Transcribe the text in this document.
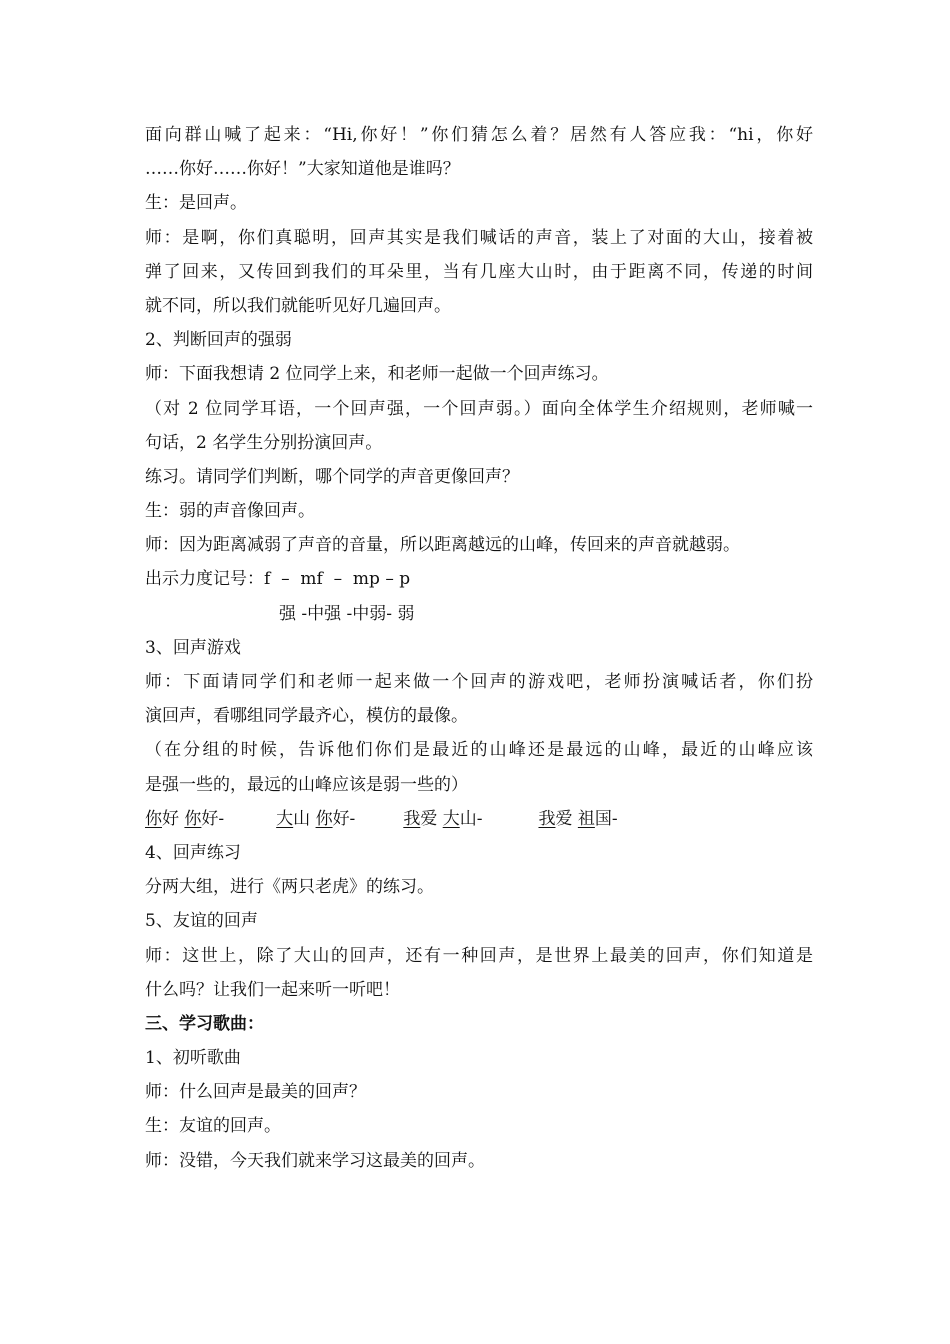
面向群山喊了起来：“Hi,你好！”你们猜怎么着？居然有人答应我：“hi，你好
……你好……你好！”大家知道他是谁吗？
生：是回声。
师：是啊，你们真聪明，回声其实是我们喊话的声音，装上了对面的大山，接着被
弹了回来，又传回到我们的耳朵里，当有几座大山时，由于距离不同，传递的时间
就不同，所以我们就能听见好几遍回声。
2、判断回声的强弱
师：下面我想请 2 位同学上来，和老师一起做一个回声练习。
（对 2 位同学耳语，一个回声强，一个回声弱。）面向全体学生介绍规则，老师喊一
句话，2 名学生分别扮演回声。
练习。请同学们判断，哪个同学的声音更像回声？
生：弱的声音像回声。
师：因为距离减弱了声音的音量，所以距离越远的山峰，传回来的声音就越弱。
出示力度记号：f  –  mf  –  mp – p
强 -中强 -中弱- 弱
3、回声游戏
师：下面请同学们和老师一起来做一个回声的游戏吧，老师扮演喊话者，你们扮
演回声，看哪组同学最齐心，模仿的最像。
（在分组的时候，告诉他们你们是最近的山峰还是最远的山峰，最近的山峰应该
是强一些的，最远的山峰应该是弱一些的）
你好 你好-	大山 你好-	我爱 大山-	我爱 祖国-
4、回声练习
分两大组，进行《两只老虎》的练习。
5、友谊的回声
师：这世上，除了大山的回声，还有一种回声，是世界上最美的回声，你们知道是
什么吗？让我们一起来听一听吧！
三、学习歌曲：
1、初听歌曲
师：什么回声是最美的回声？
生：友谊的回声。
师：没错，今天我们就来学习这最美的回声。
